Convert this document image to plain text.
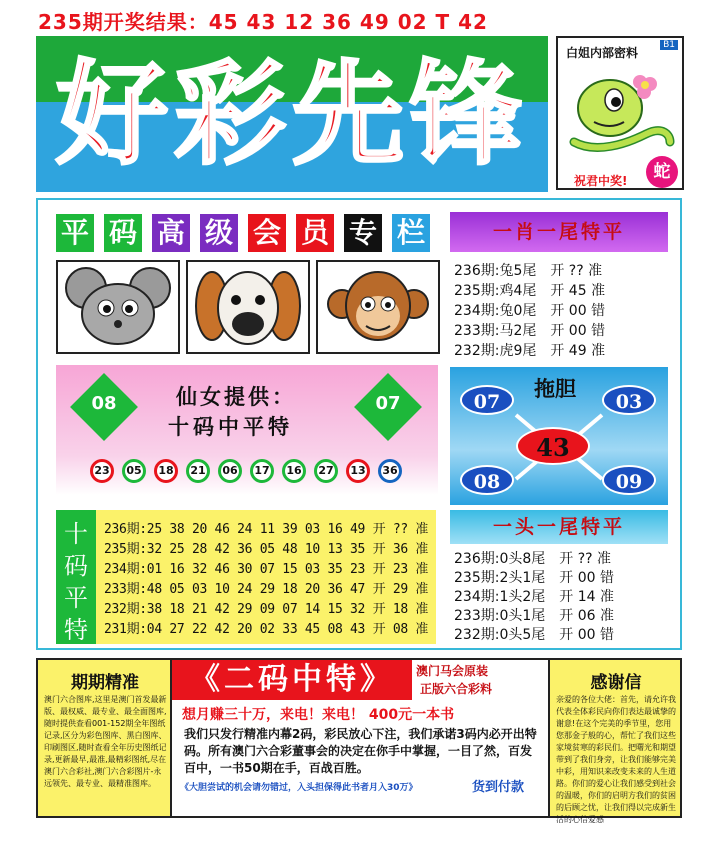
235期开奖结果：45 43 12 36 49 02 T 42
好彩先锋	白姐内部密料
B1
祝君中奖!	蛇
平 码 高 级 会 员 专 栏	一肖一尾特平
236期:兔5尾 开 ?? 准
235期:鸡4尾 开 45 准
234期:兔0尾 开 00 错
233期:马2尾 开 00 错
232期:虎9尾 开 49 准
08	07
仙女提供：
十码中平特
23	05	18	21	06	17	16	27	13	36
拖胆
07	03
43
08	09
十
码
平
特
236期:25 38 20 46 24 11 39 03 16 49 开 ?? 准
235期:32 25 28 42 36 05 48 10 13 35 开 36 准
234期:01 16 32 46 30 07 15 03 35 23 开 23 准
233期:48 05 03 10 24 29 18 20 36 47 开 29 准
232期:38 18 21 42 29 09 07 14 15 32 开 18 准
231期:04 27 22 42 20 02 33 45 08 43 开 08 准
一头一尾特平
236期:0头8尾 开 ?? 准
235期:2头1尾 开 00 错
234期:1头2尾 开 14 准
233期:0头1尾 开 06 准
232期:0头5尾 开 00 错
期期精准
澳门六合图库,这里是澳门首发最新版、最权威、最专业、最全面图库,随时提供查看001-152期全年图纸记录,区分为彩色图库、黑白图库、印刷图区,随时查看全年历史图纸记录,更新最早,最准,最精彩图纸,尽在澳门六合彩社,澳门六合彩图片-永远领先、最专业、最精准图库。
《二码中特》	澳门马会原装
正版六合彩料
想月赚三十万，来电！来电！ 400元一本书
我们只发行精准内幕2码，彩民放心下注，我们承诺3码内必开出特码。所有澳门六合彩董事会的决定在你手中掌握，一目了然，百发百中，一书50期在手，百战百胜。
《大胆尝试的机会请勿错过，入头担保得此书者月入30万》	货到付款
感谢信
亲爱的各位大佬：首先，请允许我代表全体彩民向你们表达最诚挚的谢意!在这个完美的季节里，您用您那金子般的心，帮忙了我们这些家境贫寒的彩民们。把曙光和期望带到了我们身旁，让我们能够完美中彩，用知识来改变未来的人生道路。你们的爱心让我们感受到社会的温暖，你们的启明方我们的贫困的后顾之忧，让我们得以完成新生活的心信爱感
